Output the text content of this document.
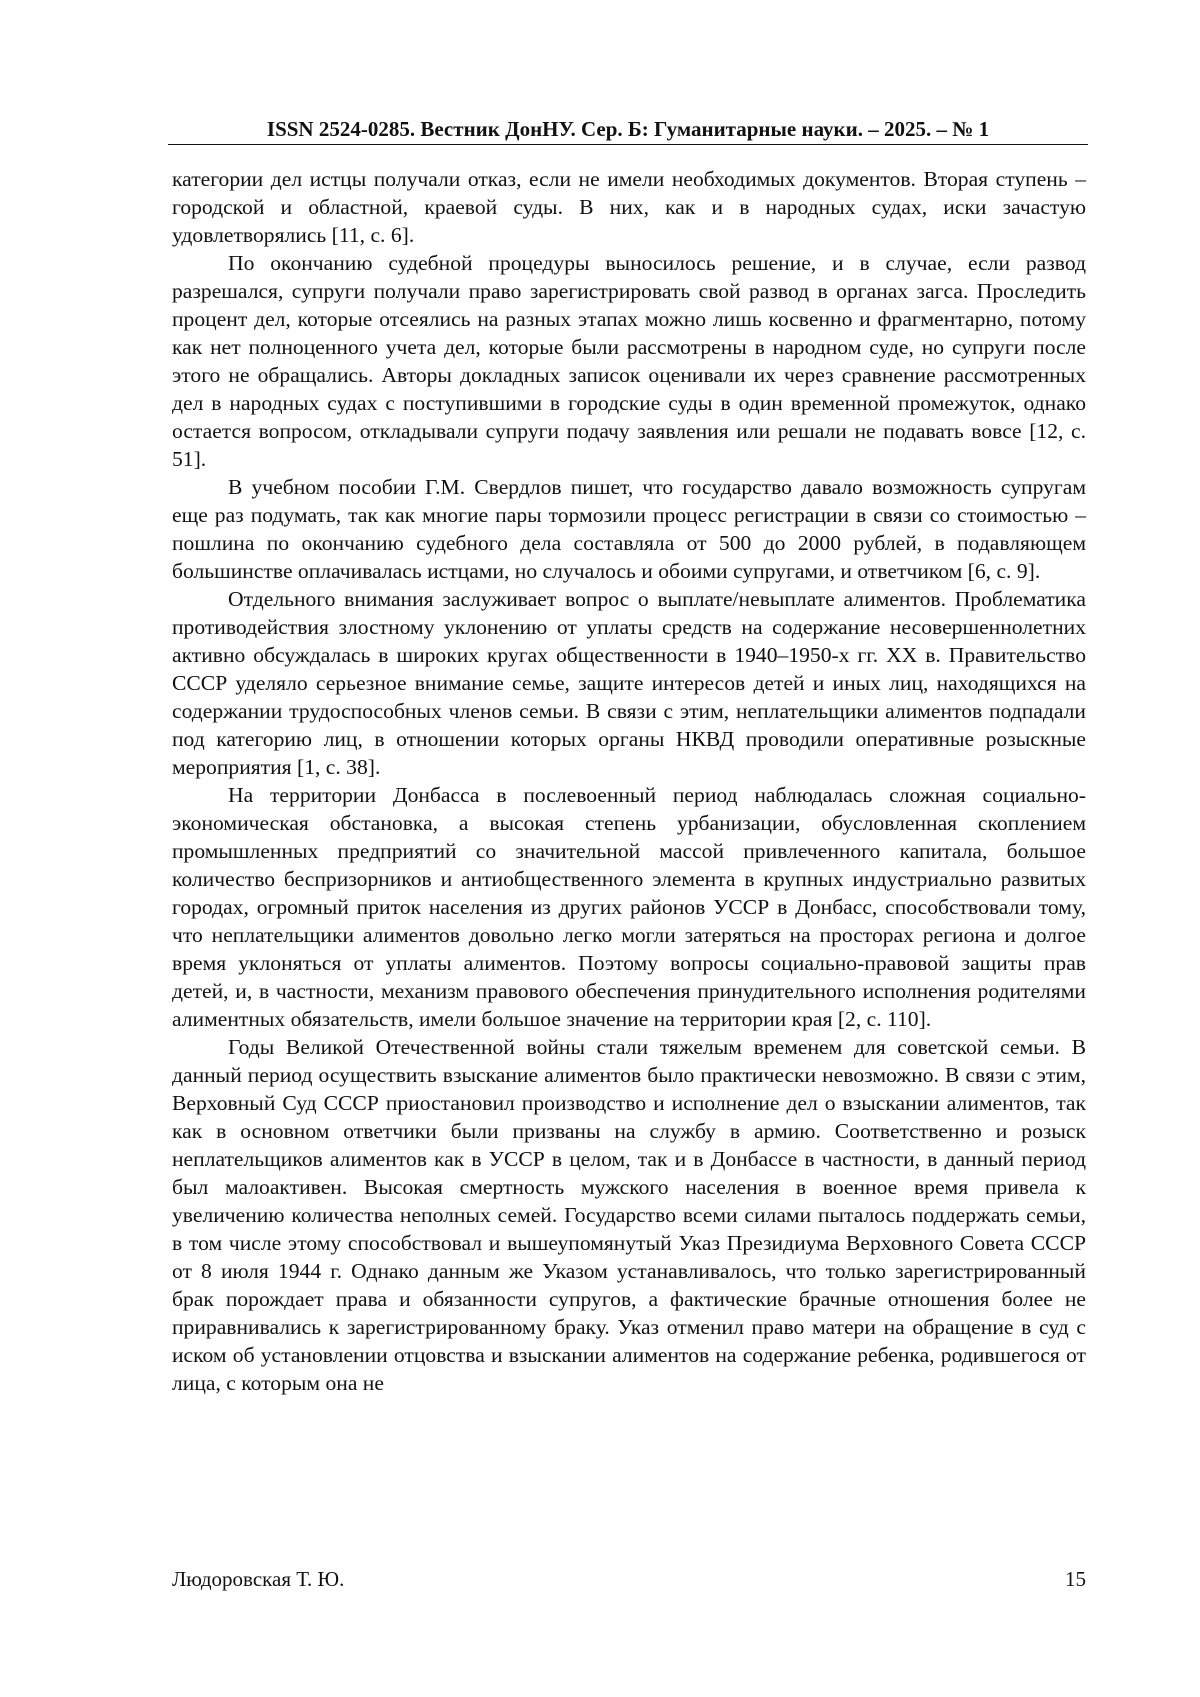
ISSN 2524-0285. Вестник ДонНУ. Сер. Б: Гуманитарные науки. – 2025. – № 1

категории дел истцы получали отказ, если не имели необходимых документов. Вторая ступень – городской и областной, краевой суды. В них, как и в народных судах, иски зачастую удовлетворялись [11, с. 6].

По окончанию судебной процедуры выносилось решение, и в случае, если развод разрешался, супруги получали право зарегистрировать свой развод в органах загса. Проследить процент дел, которые отсеялись на разных этапах можно лишь косвенно и фрагментарно, потому как нет полноценного учета дел, которые были рассмотрены в народном суде, но супруги после этого не обращались. Авторы докладных записок оценивали их через сравнение рассмотренных дел в народных судах с поступившими в городские суды в один временной промежуток, однако остается вопросом, откладывали супруги подачу заявления или решали не подавать вовсе [12, с. 51].

В учебном пособии Г.М. Свердлов пишет, что государство давало возможность супругам еще раз подумать, так как многие пары тормозили процесс регистрации в связи со стоимостью – пошлина по окончанию судебного дела составляла от 500 до 2000 рублей, в подавляющем большинстве оплачивалась истцами, но случалось и обоими супругами, и ответчиком [6, с. 9].

Отдельного внимания заслуживает вопрос о выплате/невыплате алиментов. Проблематика противодействия злостному уклонению от уплаты средств на содержание несовершеннолетних активно обсуждалась в широких кругах общественности в 1940–1950-х гг. XX в. Правительство СССР уделяло серьезное внимание семье, защите интересов детей и иных лиц, находящихся на содержании трудоспособных членов семьи. В связи с этим, неплательщики алиментов подпадали под категорию лиц, в отношении которых органы НКВД проводили оперативные розыскные мероприятия [1, с. 38].

На территории Донбасса в послевоенный период наблюдалась сложная социально-экономическая обстановка, а высокая степень урбанизации, обусловленная скоплением промышленных предприятий со значительной массой привлеченного капитала, большое количество беспризорников и антиобщественного элемента в крупных индустриально развитых городах, огромный приток населения из других районов УССР в Донбасс, способствовали тому, что неплательщики алиментов довольно легко могли затеряться на просторах региона и долгое время уклоняться от уплаты алиментов. Поэтому вопросы социально-правовой защиты прав детей, и, в частности, механизм правового обеспечения принудительного исполнения родителями алиментных обязательств, имели большое значение на территории края [2, с. 110].

Годы Великой Отечественной войны стали тяжелым временем для советской семьи. В данный период осуществить взыскание алиментов было практически невозможно. В связи с этим, Верховный Суд СССР приостановил производство и исполнение дел о взыскании алиментов, так как в основном ответчики были призваны на службу в армию. Соответственно и розыск неплательщиков алиментов как в УССР в целом, так и в Донбассе в частности, в данный период был малоактивен. Высокая смертность мужского населения в военное время привела к увеличению количества неполных семей. Государство всеми силами пыталось поддержать семьи, в том числе этому способствовал и вышеупомянутый Указ Президиума Верховного Совета СССР от 8 июля 1944 г. Однако данным же Указом устанавливалось, что только зарегистрированный брак порождает права и обязанности супругов, а фактические брачные отношения более не приравнивались к зарегистрированному браку. Указ отменил право матери на обращение в суд с иском об установлении отцовства и взыскании алиментов на содержание ребенка, родившегося от лица, с которым она не

Людоровская Т. Ю.	15
